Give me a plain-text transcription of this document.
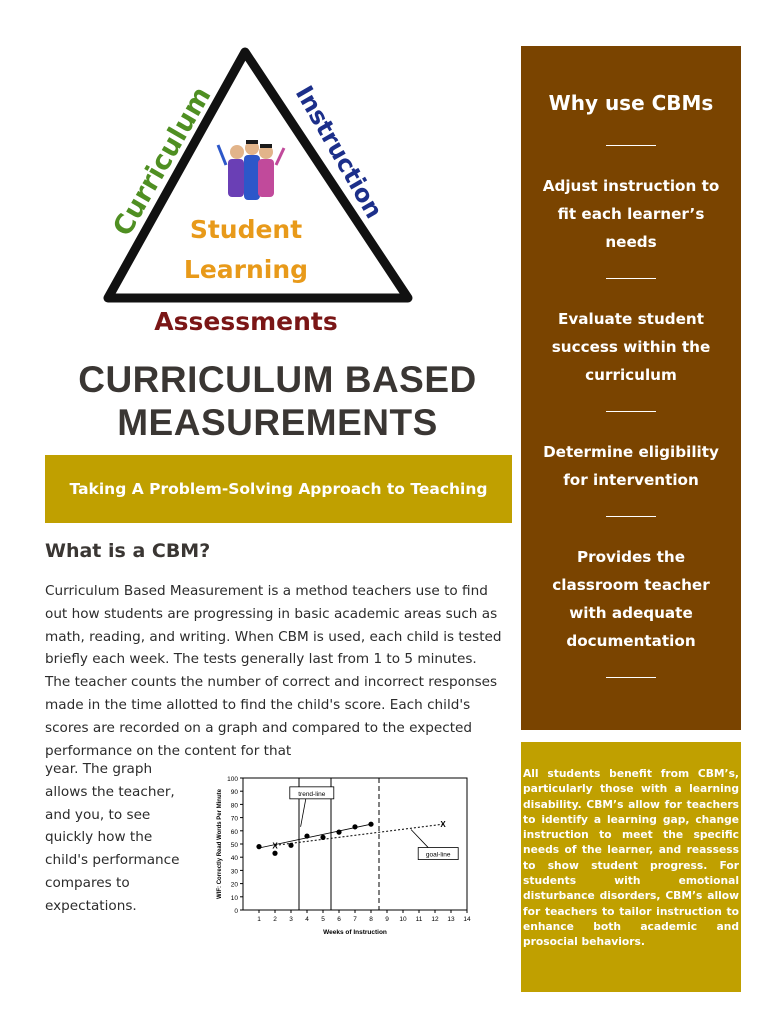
Curriculum	Instruction
Student
Learning
Assessments
CURRICULUM BASED
MEASUREMENTS
Taking A Problem-Solving Approach to Teaching
What is a CBM?

Curriculum Based Measurement is a method teachers use to find out how students are progressing in basic academic areas such as math, reading, and writing. When CBM is used, each child is tested briefly each week. The tests generally last from 1 to 5 minutes. The teacher counts the number of correct and incorrect responses made in the time allotted to find the child's score. Each child's scores are recorded on a graph and compared to the expected performance on the content for that

year. The graph allows the teacher, and you, to see quickly how the child's performance compares to expectations.	0
10
20
30
40
50
60
70
80
90
100
1 2 3 4 5 6 7 8 9 10 11 12 13 14
Weeks of Instruction
WIF: Correctly Read Words Per Minute	X
X
trend-line
goal-line
Why use CBMs
Adjust instruction to fit each learner’s needs
Evaluate student success within the curriculum
Determine eligibility for intervention
Provides the classroom teacher with adequate documentation

All students benefit from CBM’s, particularly those with a learning disability. CBM’s allow for teachers to identify a learning gap, change instruction to meet the specific needs of the learner, and reassess to show student progress. For students with emotional disturbance disorders, CBM’s allow for teachers to tailor instruction to enhance both academic and prosocial behaviors.
